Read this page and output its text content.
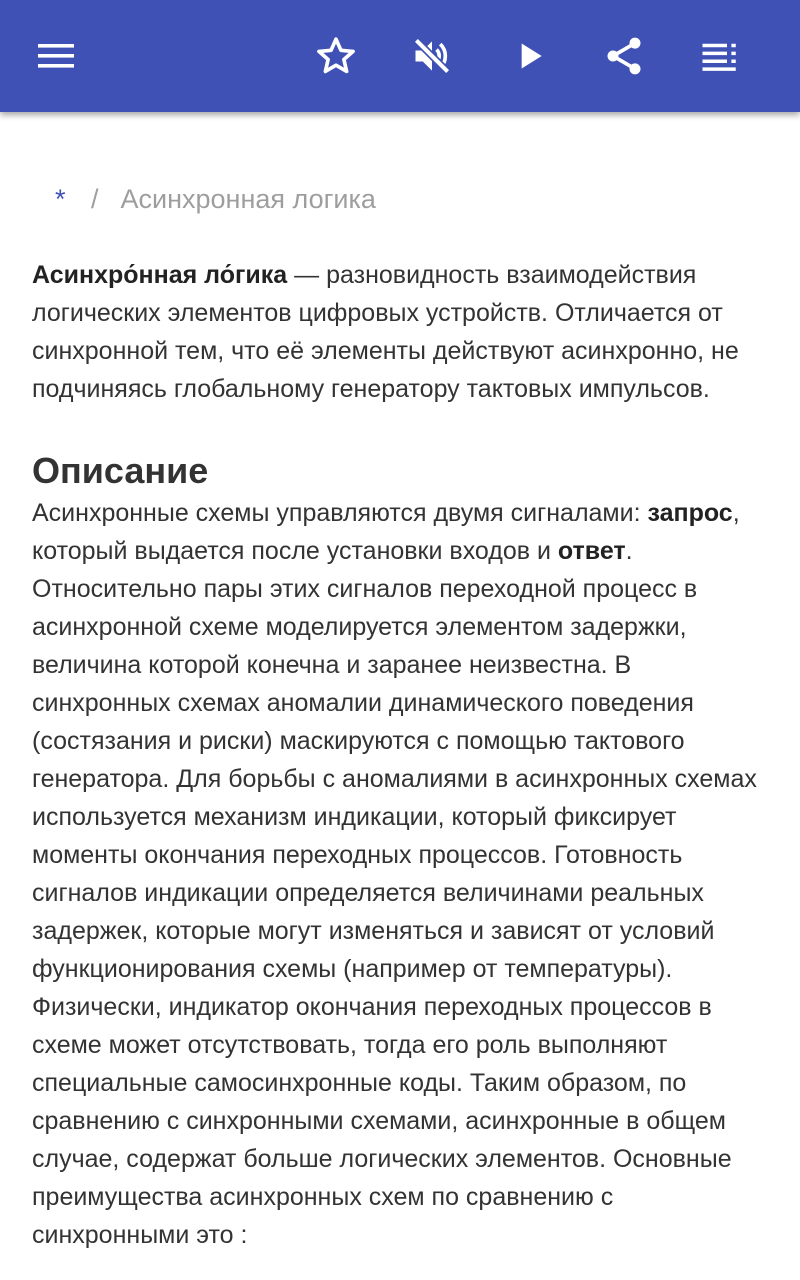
* / Асинхронная логика

Асинхро́нная ло́гика — разновидность взаимодействия логических элементов цифровых устройств. Отличается от синхронной тем, что её элементы действуют асинхронно, не подчиняясь глобальному генератору тактовых импульсов.

Описание

Асинхронные схемы управляются двумя сигналами: запрос, который выдается после установки входов и ответ. Относительно пары этих сигналов переходной процесс в асинхронной схеме моделируется элементом задержки, величина которой конечна и заранее неизвестна. В синхронных схемах аномалии динамического поведения (состязания и риски) маскируются с помощью тактового генератора. Для борьбы с аномалиями в асинхронных схемах используется механизм индикации, который фиксирует моменты окончания переходных процессов. Готовность сигналов индикации определяется величинами реальных задержек, которые могут изменяться и зависят от условий функционирования схемы (например от температуры). Физически, индикатор окончания переходных процессов в схеме может отсутствовать, тогда его роль выполняют специальные самосинхронные коды. Таким образом, по сравнению с синхронными схемами, асинхронные в общем случае, содержат больше логических элементов. Основные преимущества асинхронных схем по сравнению с синхронными это :
